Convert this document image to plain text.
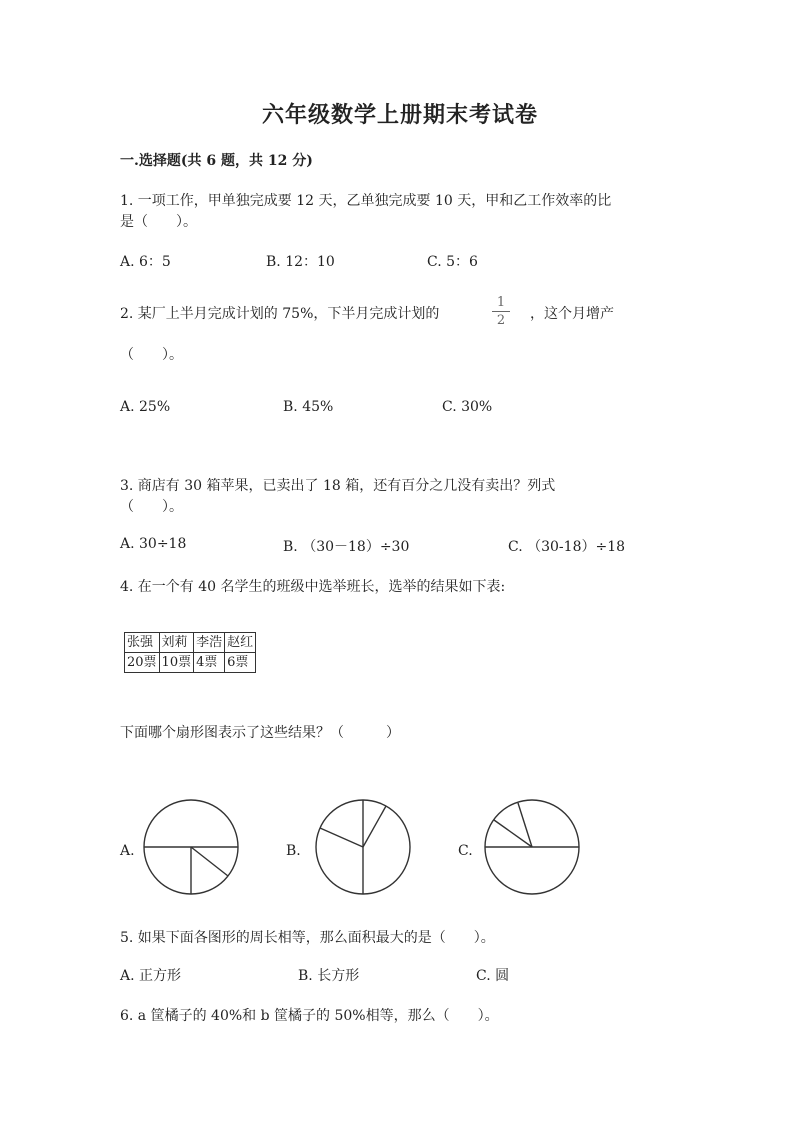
六年级数学上册期末考试卷
一.选择题(共 6 题，共 12 分)
1. 一项工作，甲单独完成要 12 天，乙单独完成要 10 天，甲和乙工作效率的比
是（　　）。
A. 6：5	B. 12：10	C. 5：6
2. 某厂上半月完成计划的 75%，下半月完成计划的
1
2	，这个月增产
（　　）。
A. 25%	B. 45%	C. 30%
3. 商店有 30 箱苹果，已卖出了 18 箱，还有百分之几没有卖出？列式
（　　）。
A. 30÷18	B. （30－18）÷30	C. （30-18）÷18
4. 在一个有 40 名学生的班级中选举班长，选举的结果如下表:
张强	刘莉	李浩	赵红
20票	10票	4票	6票
下面哪个扇形图表示了这些结果？（　　　）
A.	B.	C.
5. 如果下面各图形的周长相等，那么面积最大的是（　　）。
A. 正方形	B. 长方形	C. 圆
6. a 筐橘子的 40%和 b 筐橘子的 50%相等，那么（　　）。
